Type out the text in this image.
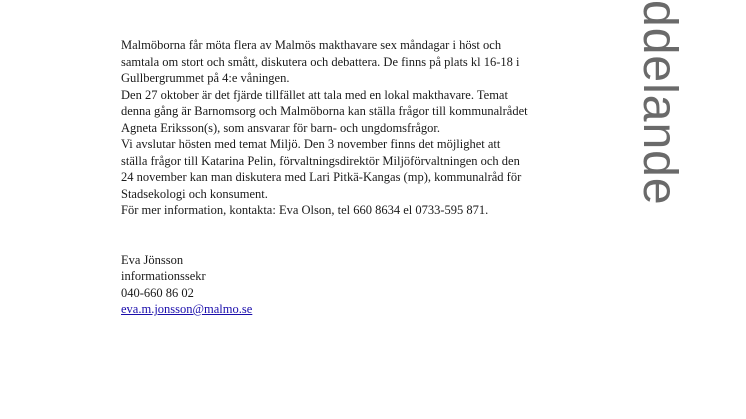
ddelande

Malmöborna får möta flera av Malmös makthavare sex måndagar i höst och
samtala om stort och smått, diskutera och debattera. De finns på plats kl 16-18 i
Gullbergrummet på 4:e våningen.

Den 27 oktober är det fjärde tillfället att tala med en lokal makthavare. Temat
denna gång är Barnomsorg och Malmöborna kan ställa frågor till kommunalrådet
Agneta Eriksson(s), som ansvarar för barn- och ungdomsfrågor.

Vi avslutar hösten med temat Miljö. Den 3 november finns det möjlighet att
ställa frågor till Katarina Pelin, förvaltningsdirektör Miljöförvaltningen och den
24 november kan man diskutera med Lari Pitkä-Kangas (mp), kommunalråd för
Stadsekologi och konsument.

För mer information, kontakta: Eva Olson, tel 660 8634 el 0733-595 871.

Eva Jönsson
informationssekr
040-660 86 02
eva.m.jonsson@malmo.se
